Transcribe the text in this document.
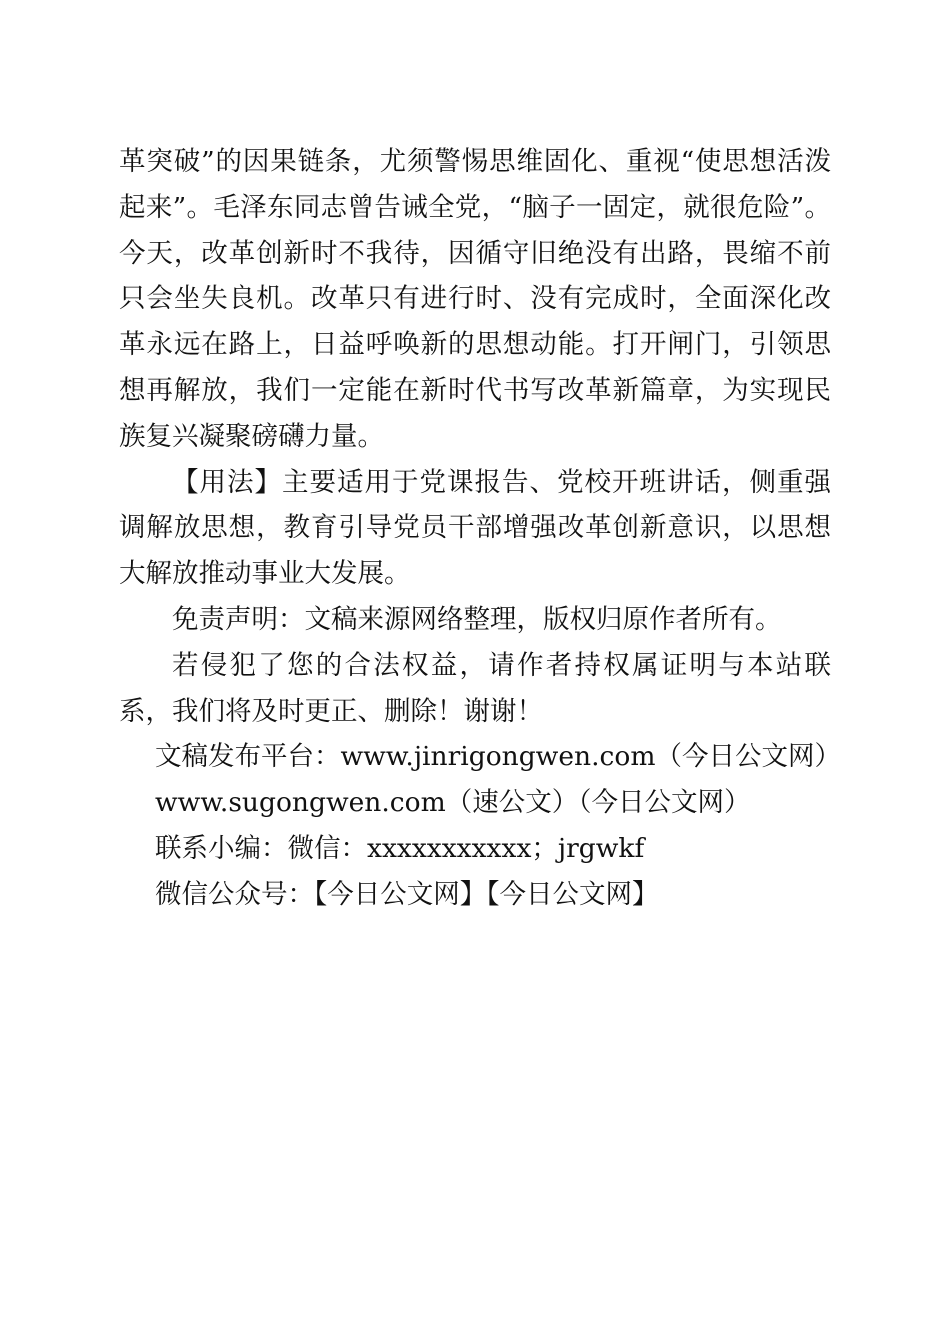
革突破”的因果链条，尤须警惕思维固化、重视“使思想活泼起来”。毛泽东同志曾告诫全党，“脑子一固定，就很危险”。今天，改革创新时不我待，因循守旧绝没有出路，畏缩不前只会坐失良机。改革只有进行时、没有完成时，全面深化改革永远在路上，日益呼唤新的思想动能。打开闸门，引领思想再解放，我们一定能在新时代书写改革新篇章，为实现民族复兴凝聚磅礴力量。

【用法】主要适用于党课报告、党校开班讲话，侧重强调解放思想，教育引导党员干部增强改革创新意识，以思想大解放推动事业大发展。

免责声明：文稿来源网络整理，版权归原作者所有。

若侵犯了您的合法权益，请作者持权属证明与本站联系，我们将及时更正、删除！谢谢！

文稿发布平台：www.jinrigongwen.com（今日公文网）

www.sugongwen.com（速公文）（今日公文网）

联系小编：微信：xxxxxxxxxxx；jrgwkf

微信公众号：【今日公文网】【今日公文网】
